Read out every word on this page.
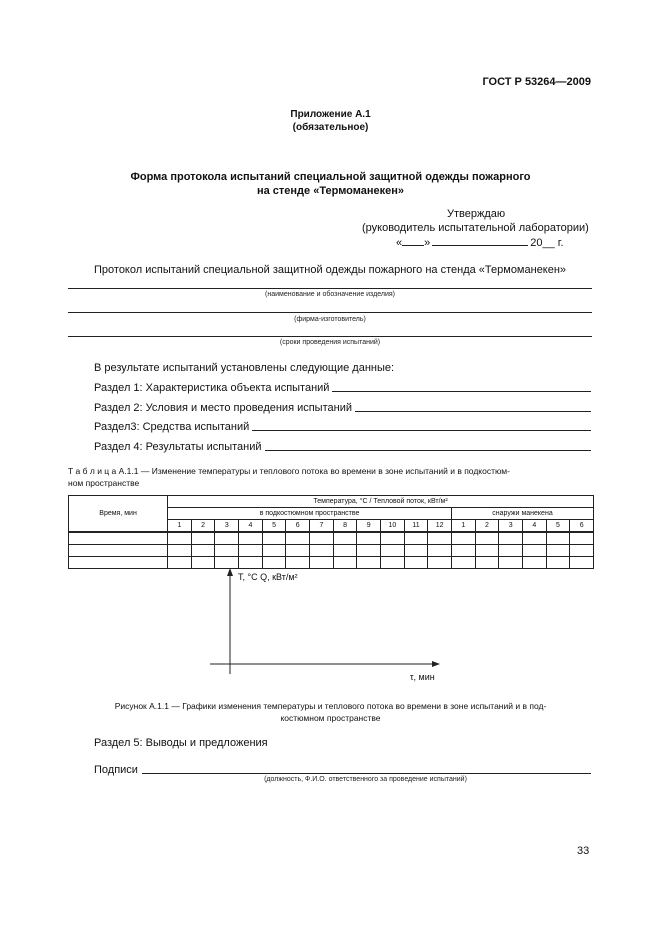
ГОСТ Р 53264—2009
Приложение А.1
(обязательное)
Форма протокола испытаний специальной защитной одежды пожарного
на стенде «Термоманекен»
Утверждаю
(руководитель испытательной лаборатории)
« »	20__ г.
Протокол испытаний специальной защитной одежды пожарного на стенда «Термоманекен»
(наименование и обозначение изделия)
(фирма-изготовитель)
(сроки проведения испытаний)
В результате испытаний установлены следующие данные:
Раздел 1: Характеристика объекта испытаний
Раздел 2: Условия и место проведения испытаний
Раздел3: Средства испытаний
Раздел 4: Результаты испытаний
Т а б л и ц а А.1.1 — Изменение температуры и теплового потока во времени в зоне испытаний и в подкостюм-
ном пространстве
Время, мин	Температура, °С / Тепловой поток, кВт/м²																	
	в подкостюмном пространстве												снаружи манекена					
	1	2	3	4	5	6	7	8	9	10	11	12	1	2	3	4	5	6

T, °C Q, кВт/м²
τ, мин
Рисунок А.1.1 — Графики изменения температуры и теплового потока во времени в зоне испытаний и в под-
костюмном пространстве
Раздел 5: Выводы и предложения
Подписи
(должность, Ф.И.О. ответственного за проведение испытаний)
33
